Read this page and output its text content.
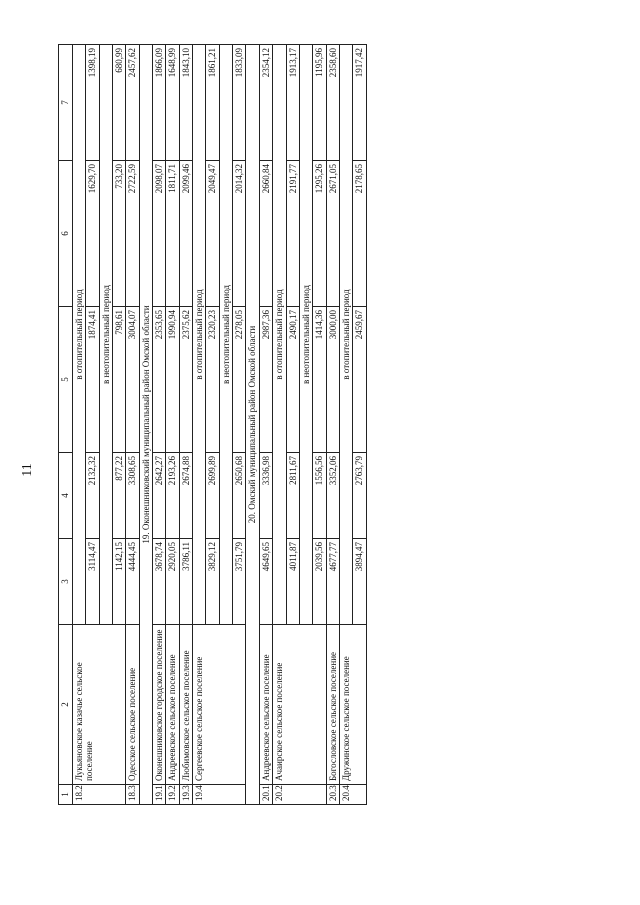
11
1	2	3	4	5	6	7
18.2	Лукьяновское казачье сельское поселение	в отопительный период				
		3114,47	2132,32	1874,41	1629,70	1398,19
		в неотопительный период				
		1142,15	877,22	798,61	733,20	680,99
18.3	Одесское сельское поселение	4444,45	3308,65	3004,07	2722,59	2457,62
19. Оконешниковский муниципальный район Омской области						
19.1	Оконешниковское городское поселение	3678,74	2642,27	2353,65	2098,07	1866,09
19.2	Андреевское сельское поселение	2920,05	2193,26	1990,94	1811,71	1648,99
19.3	Любимовское сельское поселение	3786,11	2674,88	2375,62	2099,46	1843,10
19.4	Сергеевское сельское поселение	в отопительный период				
		3829,12	2699,89	2320,23	2049,47	1861,21
		в неотопительный период				
		3751,79	2650,68	2278,05	2014,32	1833,09
20. Омский муниципальный район Омской области						
20.1	Андреевское сельское поселение	4649,65	3336,98	2987,36	2660,84	2354,12
20.2	Ачаирское сельское поселение	в отопительный период				
		4011,87	2811,67	2490,17	2191,77	1913,17
		в неотопительный период				
		2039,56	1556,56	1414,36	1295,26	1195,96
20.3	Богословское сельское поселение	4677,77	3352,06	3000,00	2671,05	2358,60
20.4	Дружинское сельское поселение	в отопительный период				
		3894,47	2763,79	2459,67	2178,65	1917,42
